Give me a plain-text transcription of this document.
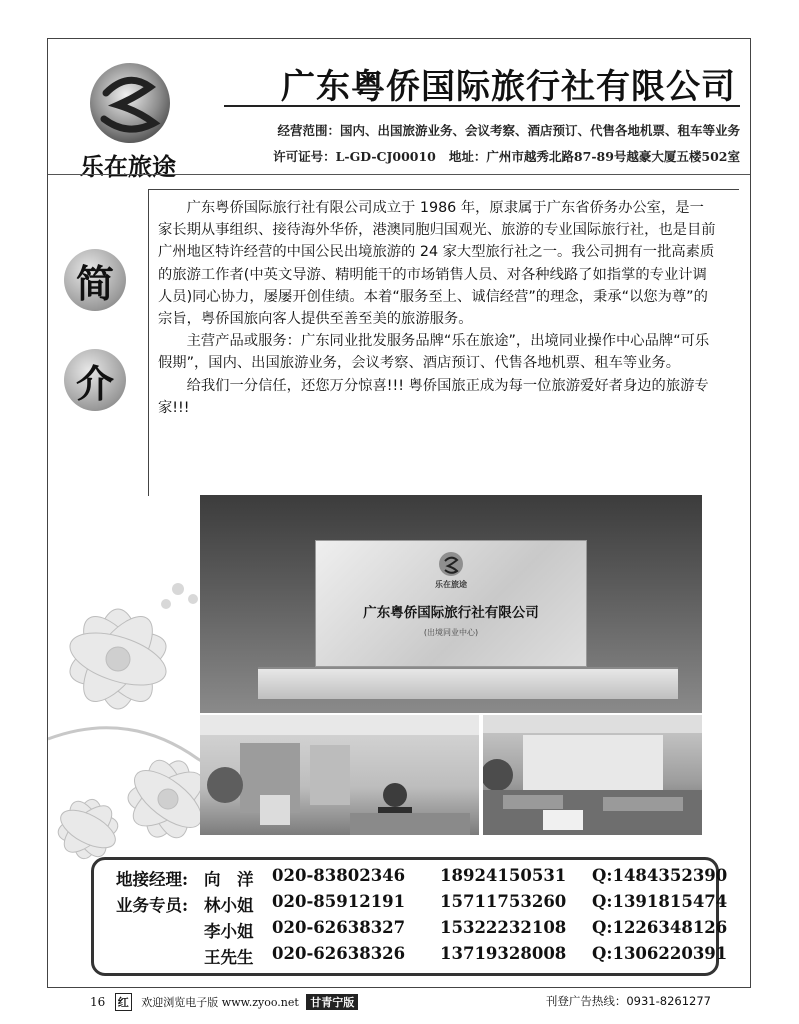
乐在旅途
广东粤侨国际旅行社有限公司
经营范围：国内、出国旅游业务、会议考察、酒店预订、代售各地机票、租车等业务
许可证号：L-GD-CJ00010 地址：广州市越秀北路87-89号越豪大厦五楼502室
简
介

广东粤侨国际旅行社有限公司成立于 1986 年，原隶属于广东省侨务办公室，是一家长期从事组织、接待海外华侨，港澳同胞归国观光、旅游的专业国际旅行社，也是目前广州地区特许经营的中国公民出境旅游的 24 家大型旅行社之一。我公司拥有一批高素质的旅游工作者(中英文导游、精明能干的市场销售人员、对各种线路了如指掌的专业计调人员)同心协力，屡屡开创佳绩。本着“服务至上、诚信经营”的理念，秉承“以您为尊”的宗旨，粤侨国旅向客人提供至善至美的旅游服务。

主营产品或服务：广东同业批发服务品牌“乐在旅途”，出境同业操作中心品牌“可乐假期”，国内、出国旅游业务，会议考察、酒店预订、代售各地机票、租车等业务。

给我们一分信任，还您万分惊喜!!! 粤侨国旅正成为每一位旅游爱好者身边的旅游专家!!!

乐在旅途
广东粤侨国际旅行社有限公司
(出境同业中心)
地接经理: 向　洋 020-83802346 18924150531 Q:1484352390
业务专员: 林小姐 020-85912191 15711753260 Q:1391815474
李小姐 020-62638327 15322232108 Q:1226348126
王先生 020-62638326 13719328008 Q:1306220391
16 红 欢迎浏览电子版 www.zyoo.net 甘青宁版	刊登广告热线：0931-8261277
